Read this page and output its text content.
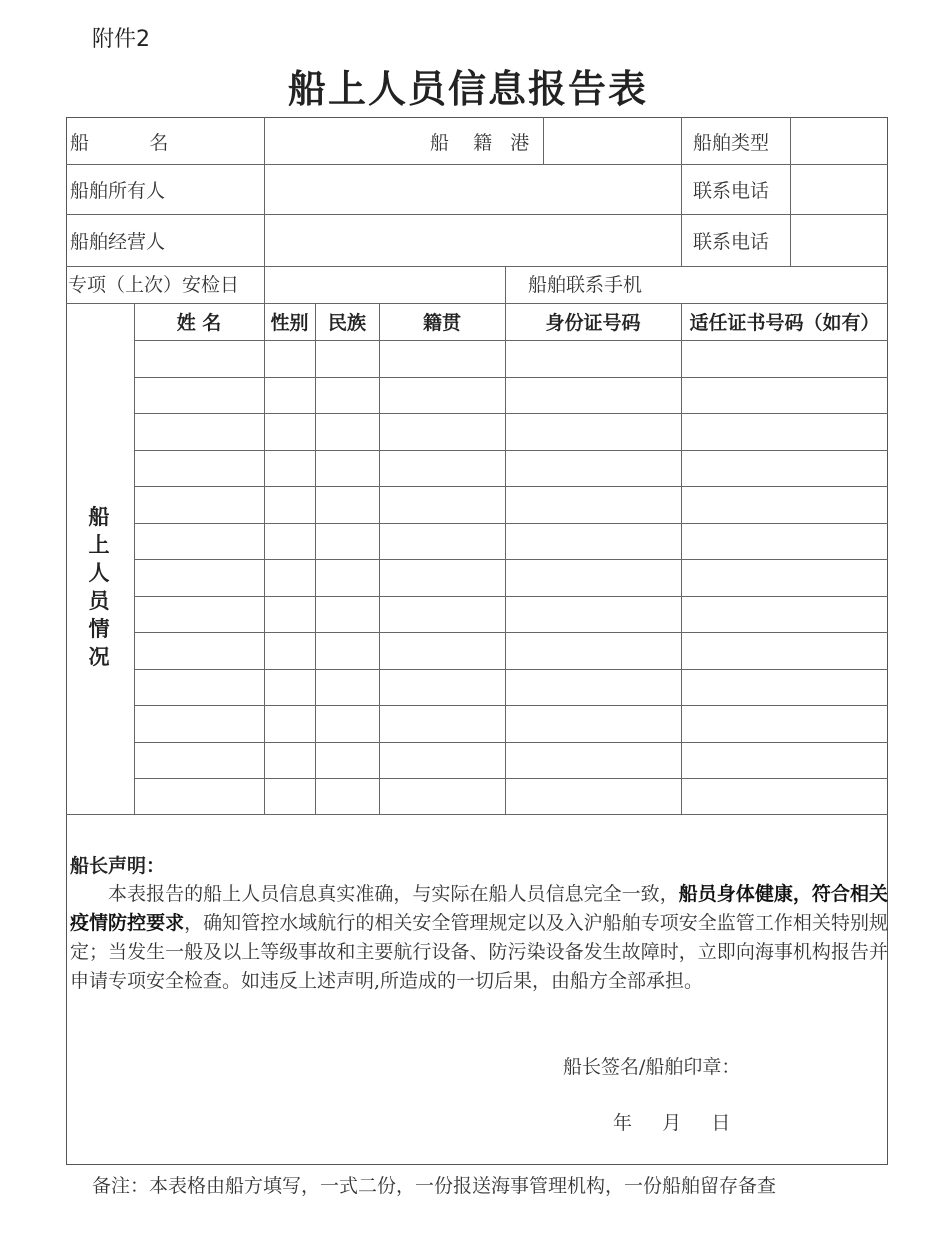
附件2
船上人员信息报告表
船          名	船    籍   港	船舶类型
船舶所有人	联系电话
船舶经营人	联系电话
专项（上次）安检日	船舶联系手机
姓 名	性别	民族	籍贯	身份证号码	适任证书号码（如有）
船
上
人
员
情
况
船长声明：
本表报告的船上人员信息真实准确，与实际在船人员信息完全一致，船员身体健康，符合相关疫情防控要求，确知管控水域航行的相关安全管理规定以及入沪船舶专项安全监管工作相关特别规定；当发生一般及以上等级事故和主要航行设备、防污染设备发生故障时，立即向海事机构报告并申请专项安全检查。如违反上述声明,所造成的一切后果，由船方全部承担。
船长签名/船舶印章：
年     月     日
备注：本表格由船方填写，一式二份，一份报送海事管理机构，一份船舶留存备查
